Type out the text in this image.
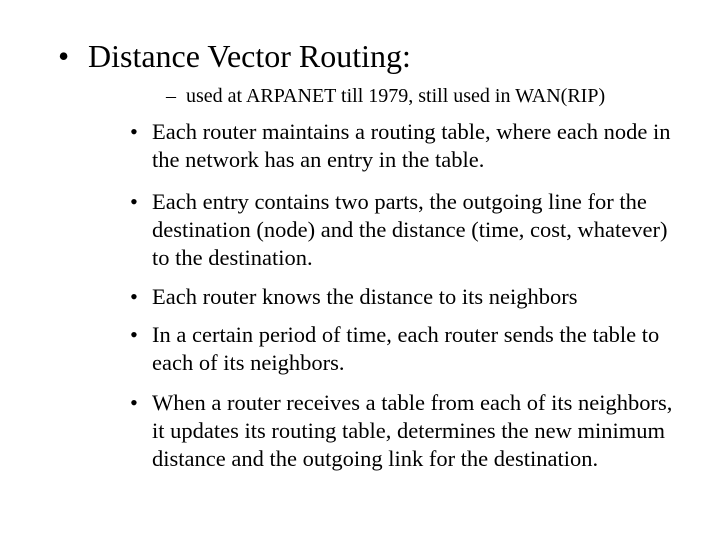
• Distance Vector Routing:
– used at ARPANET till 1979, still used in WAN(RIP)
• Each router maintains a routing table, where each node in the network has an entry in the table.
• Each entry contains two parts, the outgoing line for the destination (node) and the distance (time, cost, whatever) to the destination.
• Each router knows the distance to its neighbors
• In a certain period of time, each router sends the table to each of its neighbors.
• When a router receives a table from each of its neighbors, it updates its routing table, determines the new minimum distance and the outgoing link for the destination.
